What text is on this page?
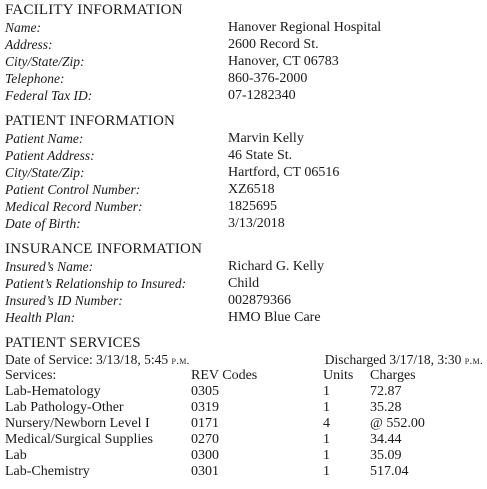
FACILITY INFORMATION
Name:	Hanover Regional Hospital
Address:	2600 Record St.
City/State/Zip:	Hanover, CT 06783
Telephone:	860-376-2000
Federal Tax ID:	07-1282340
PATIENT INFORMATION
Patient Name:	Marvin Kelly
Patient Address:	46 State St.
City/State/Zip:	Hartford, CT 06516
Patient Control Number:	XZ6518
Medical Record Number:	1825695
Date of Birth:	3/13/2018
INSURANCE INFORMATION
Insured’s Name:	Richard G. Kelly
Patient’s Relationship to Insured:	Child
Insured’s ID Number:	002879366
Health Plan:	HMO Blue Care
PATIENT SERVICES
Date of Service: 3/13/18, 5:45 p.m.	Discharged 3/17/18, 3:30 p.m.
Services:	REV Codes	Units Charges
Lab-Hematology	0305	1	72.87
Lab Pathology-Other	0319	1	35.28
Nursery/Newborn Level I	0171	4	@ 552.00
Medical/Surgical Supplies	0270	1	34.44
Lab	0300	1	35.09
Lab-Chemistry	0301	1	517.04
